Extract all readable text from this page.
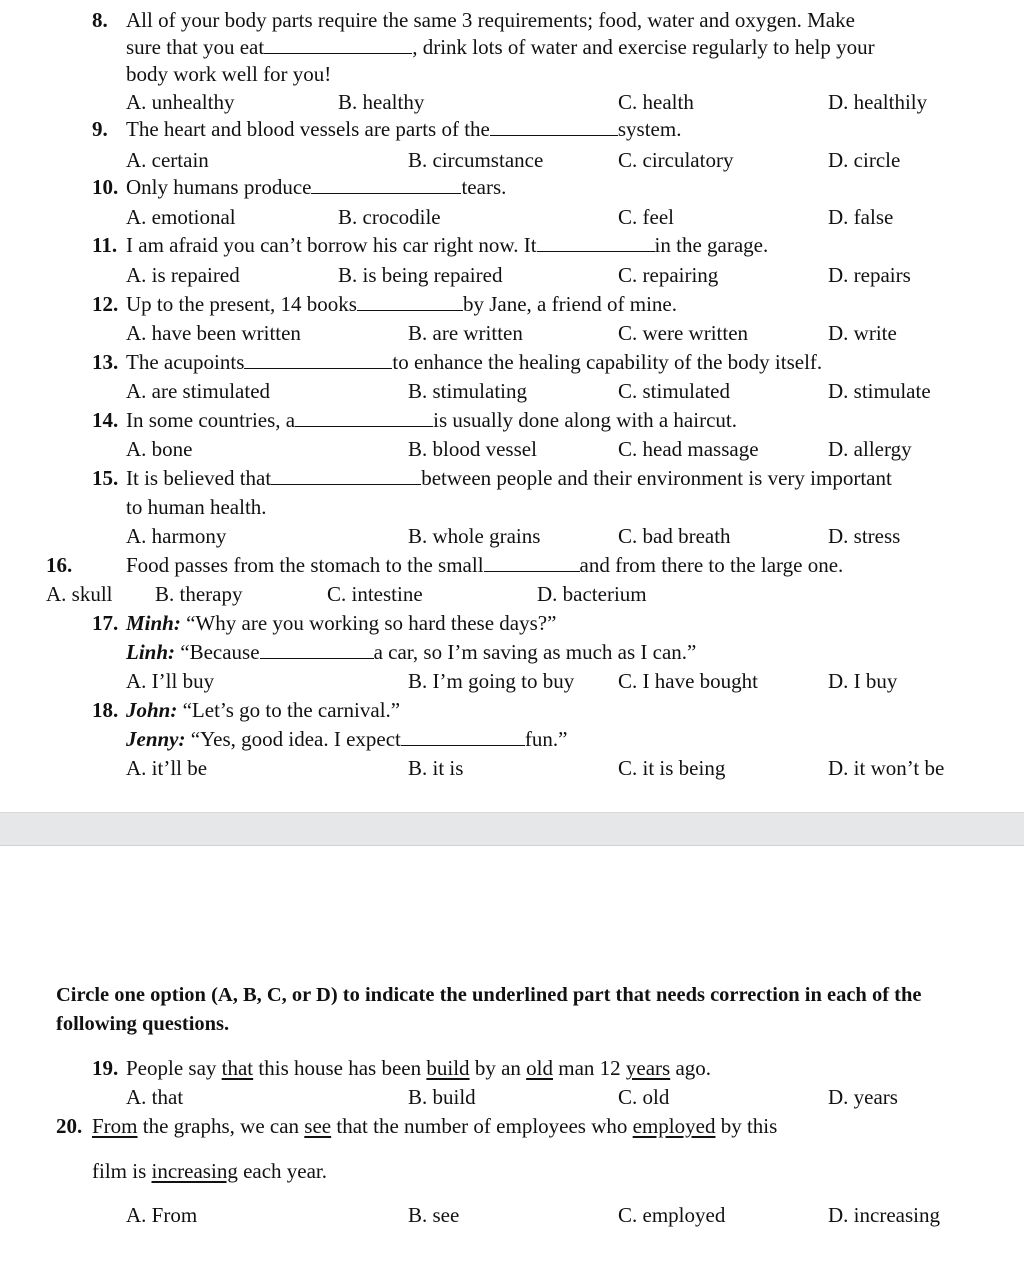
8. All of your body parts require the same 3 requirements; food, water and oxygen. Make
sure that you eat	, drink lots of water and exercise regularly to help your
body work well for you!
A. unhealthy	B. healthy	C. health	D. healthily
9. The heart and blood vessels are parts of the	system.
A. certain	B. circumstance	C. circulatory	D. circle
10. Only humans produce	tears.
A. emotional	B. crocodile	C. feel	D. false
11. I am afraid you can’t borrow his car right now. It	in the garage.
A. is repaired	B. is being repaired	C. repairing	D. repairs
12. Up to the present, 14 books	by Jane, a friend of mine.
A. have been written	B. are written	C. were written	D. write
13. The acupoints	to enhance the healing capability of the body itself.
A. are stimulated	B. stimulating	C. stimulated	D. stimulate
14. In some countries, a	is usually done along with a haircut.
A. bone	B. blood vessel	C. head massage	D. allergy
15. It is believed that	between people and their environment is very important
to human health.
A. harmony	B. whole grains	C. bad breath	D. stress
16.	Food passes from the stomach to the small	and from there to the large one.
A. skull B. therapy	C. intestine	D. bacterium
17. Minh: “Why are you working so hard these days?”
Linh: “Because	a car, so I’m saving as much as I can.”
A. I’ll buy	B. I’m going to buy C. I have bought	D. I buy
18. John: “Let’s go to the carnival.”
Jenny: “Yes, good idea. I expect	fun.”
A. it’ll be	B. it is	C. it is being	D. it won’t be
Circle one option (A, B, C, or D) to indicate the underlined part that needs correction in each of the following questions.
19. People say that this house has been build by an old man 12 years ago.
A. that	B. build	C. old	D. years
20. From the graphs, we can see that the number of employees who employed by this
film is increasing each year.
A. From	B. see	C. employed	D. increasing
